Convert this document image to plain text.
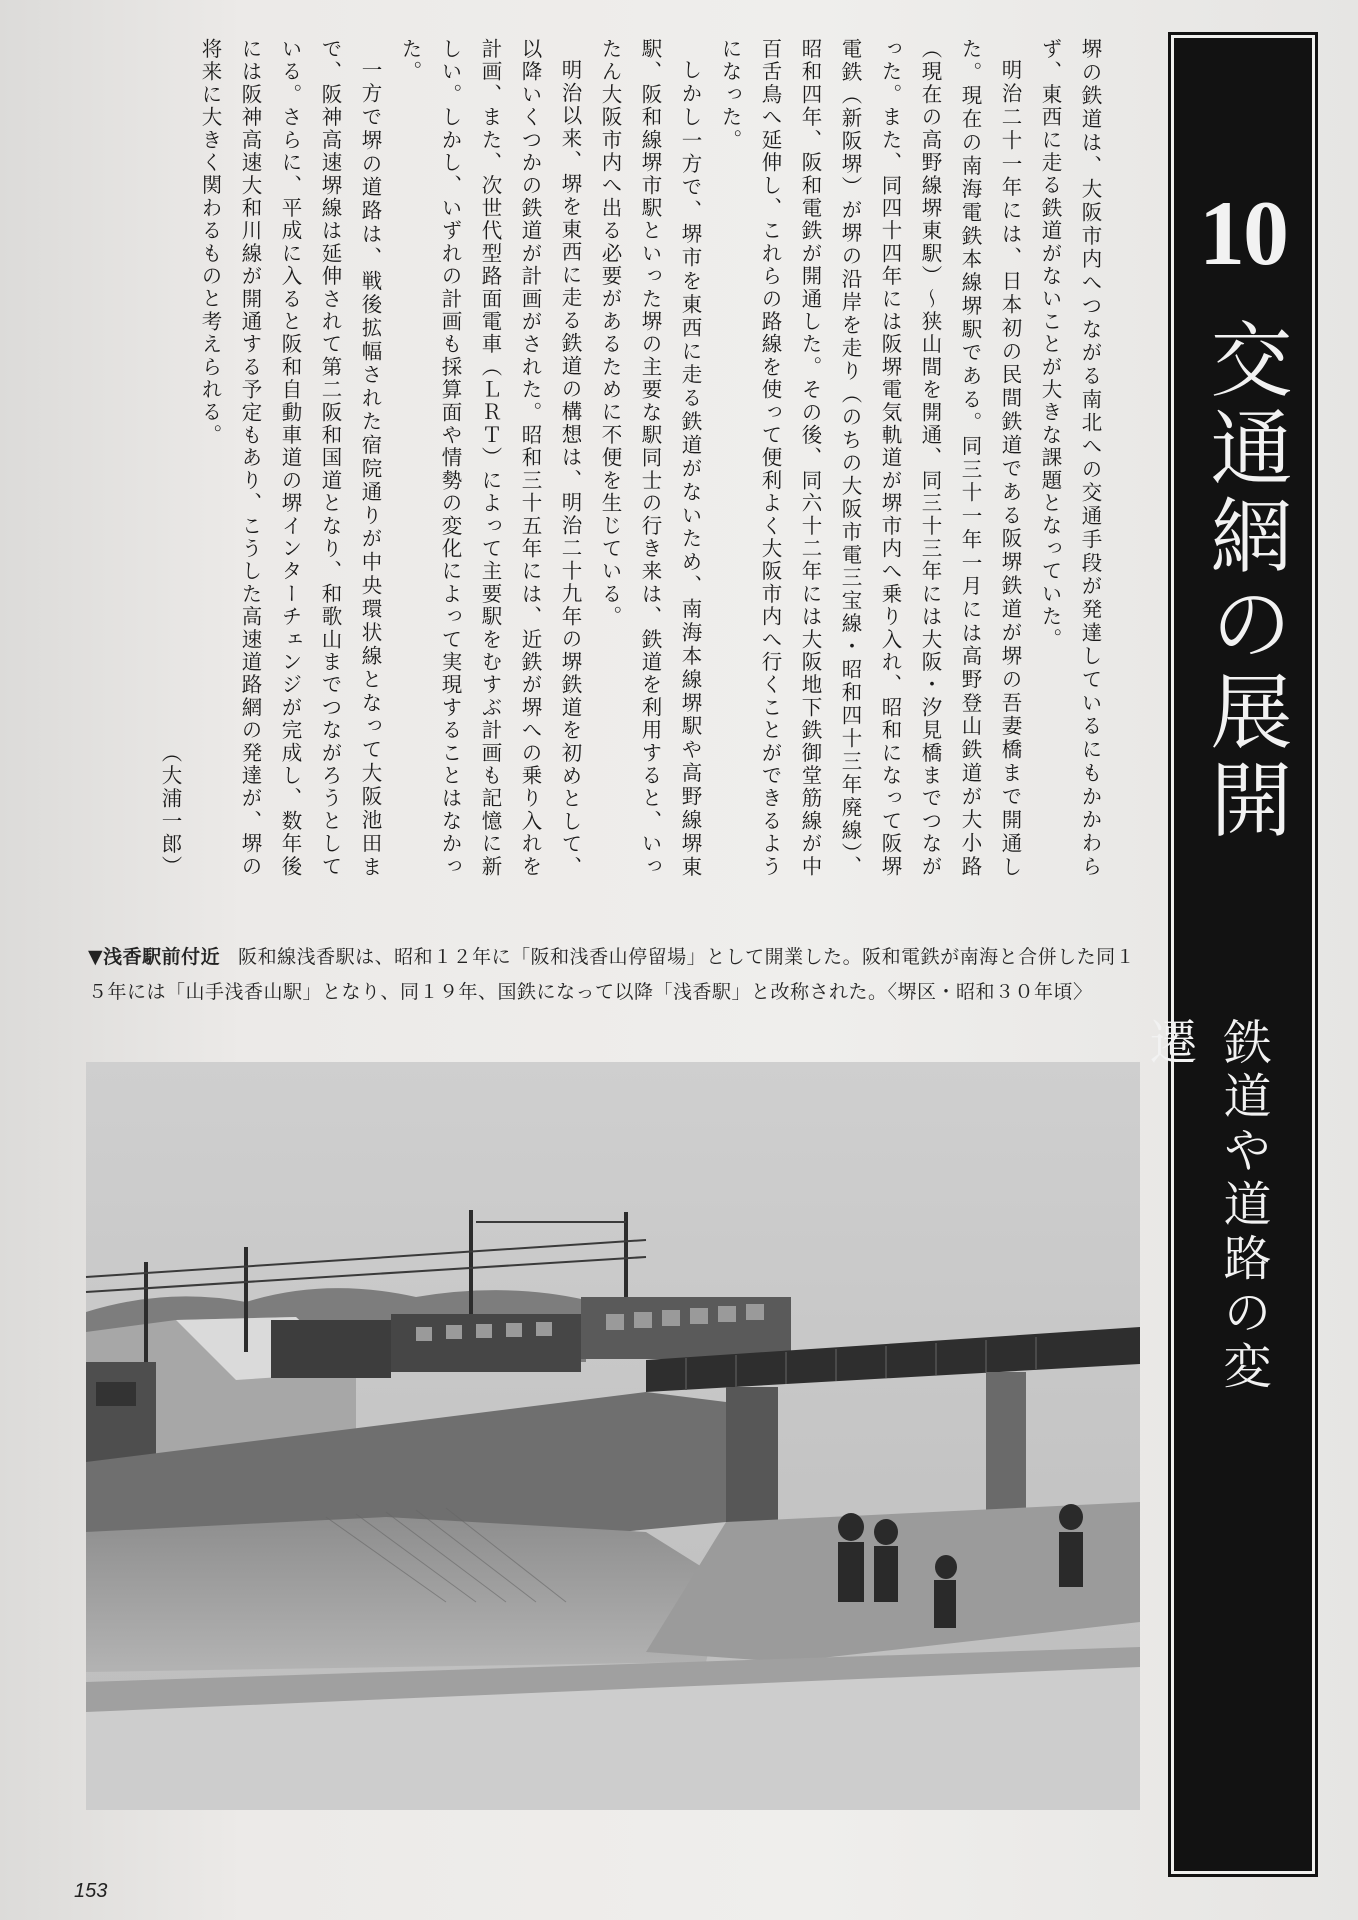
堺の鉄道は、大阪市内へつながる南北への交通手段が発達しているにもかかわらず、東西に走る鉄道がないことが大きな課題となっていた。

明治二十一年には、日本初の民間鉄道である阪堺鉄道が堺の吾妻橋まで開通した。現在の南海電鉄本線堺駅である。同三十一年一月には高野登山鉄道が大小路（現在の高野線堺東駅）～狭山間を開通、同三十三年には大阪・汐見橋までつながった。また、同四十四年には阪堺電気軌道が堺市内へ乗り入れ、昭和になって阪堺電鉄（新阪堺）が堺の沿岸を走り（のちの大阪市電三宝線・昭和四十三年廃線）、昭和四年、阪和電鉄が開通した。その後、同六十二年には大阪地下鉄御堂筋線が中百舌鳥へ延伸し、これらの路線を使って便利よく大阪市内へ行くことができるようになった。

しかし一方で、堺市を東西に走る鉄道がないため、南海本線堺駅や高野線堺東駅、阪和線堺市駅といった堺の主要な駅同士の行き来は、鉄道を利用すると、いったん大阪市内へ出る必要があるために不便を生じている。

明治以来、堺を東西に走る鉄道の構想は、明治二十九年の堺鉄道を初めとして、以降いくつかの鉄道が計画がされた。昭和三十五年には、近鉄が堺への乗り入れを計画、また、次世代型路面電車（ＬＲＴ）によって主要駅をむすぶ計画も記憶に新しい。しかし、いずれの計画も採算面や情勢の変化によって実現することはなかった。

一方で堺の道路は、戦後拡幅された宿院通りが中央環状線となって大阪池田まで、阪神高速堺線は延伸されて第二阪和国道となり、和歌山までつながろうとしている。さらに、平成に入ると阪和自動車道の堺インターチェンジが完成し、数年後には阪神高速大和川線が開通する予定もあり、こうした高速道路網の発達が、堺の将来に大きく関わるものと考えられる。

（大浦一郎）

10
交通網の展開
鉄道や道路の変遷
▼浅香駅前付近 阪和線浅香駅は、昭和１２年に「阪和浅香山停留場」として開業した。阪和電鉄が南海と合併した同１５年には「山手浅香山駅」となり、同１９年、国鉄になって以降「浅香駅」と改称された。〈堺区・昭和３０年頃〉
153
